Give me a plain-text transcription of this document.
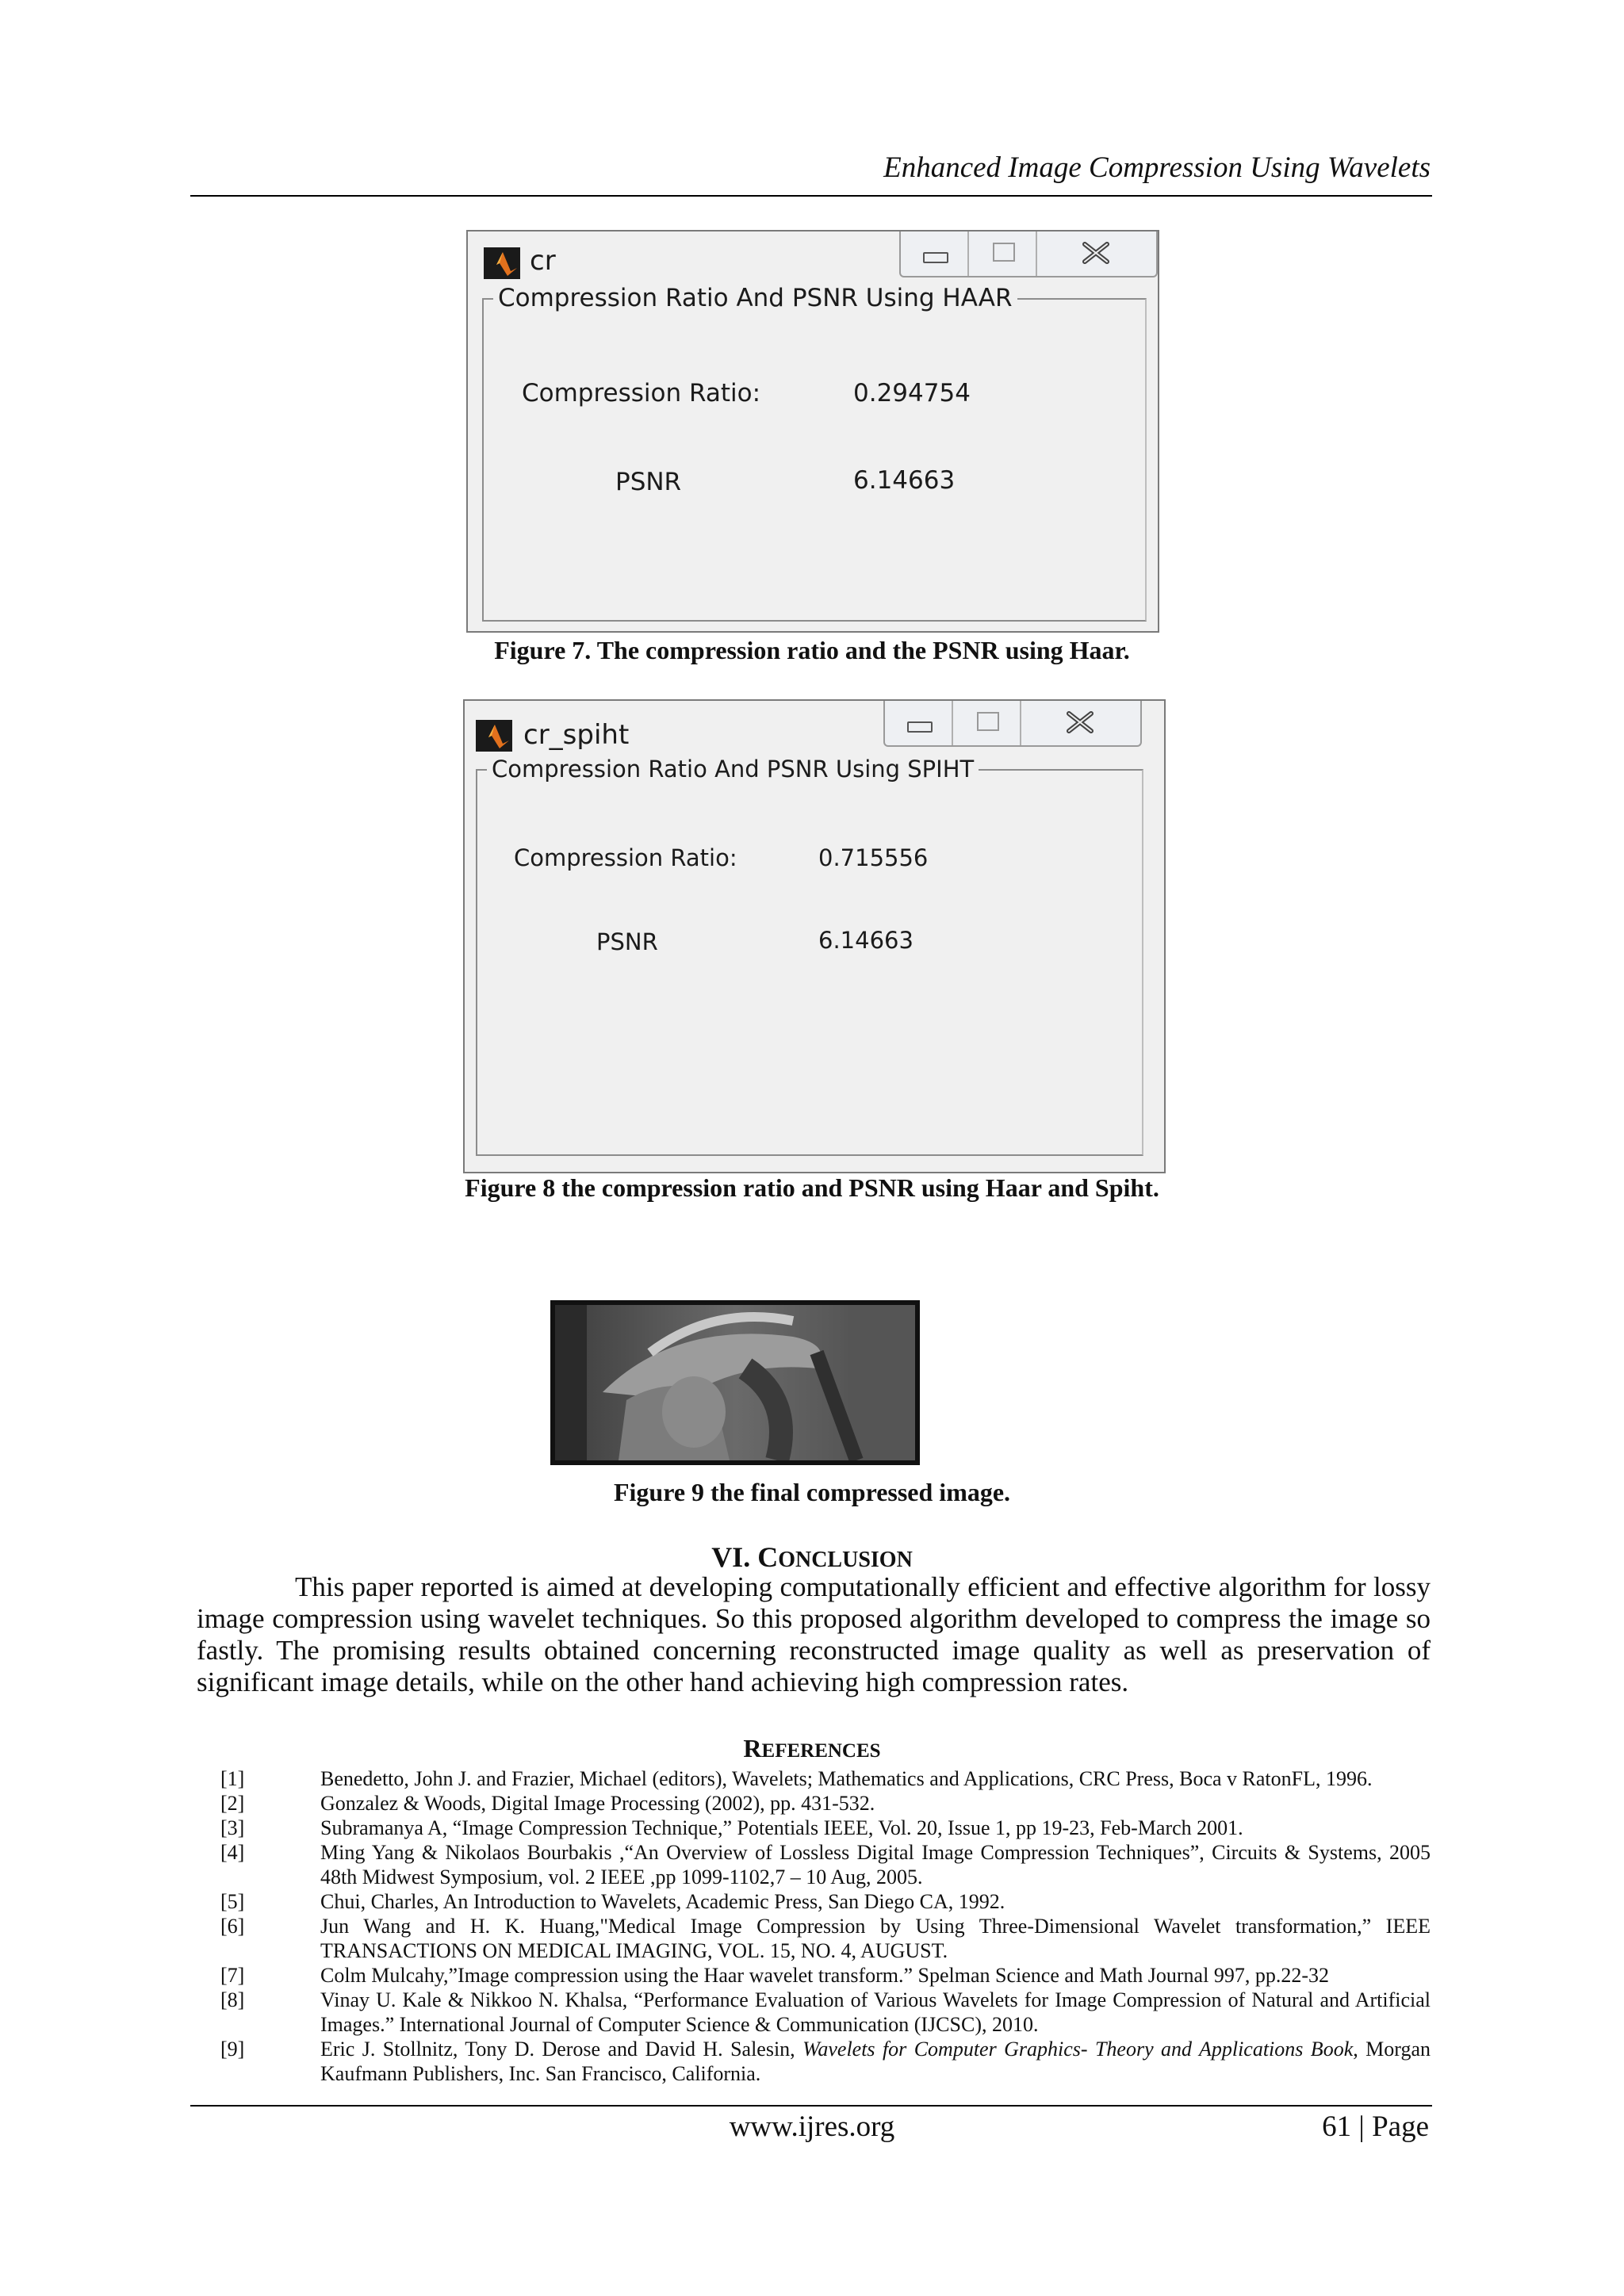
Enhanced Image Compression Using Wavelets
cr
Compression Ratio And PSNR Using HAAR
Compression Ratio:	0.294754
PSNR	6.14663
Figure 7. The compression ratio and the PSNR using Haar.
cr_spiht
Compression Ratio And PSNR Using SPIHT
Compression Ratio:	0.715556
PSNR	6.14663
Figure 8 the compression ratio and PSNR using Haar and Spiht.
Figure 9 the final compressed image.
VI. CONCLUSION

This paper reported is aimed at developing computationally efficient and effective algorithm for lossy image compression using wavelet techniques. So this proposed algorithm developed to compress the image so fastly. The promising results obtained concerning reconstructed image quality as well as preservation of significant image details, while on the other hand achieving high compression rates.

REFERENCES
[1]	Benedetto, John J. and Frazier, Michael (editors), Wavelets; Mathematics and Applications, CRC Press, Boca v RatonFL, 1996.
[2]	Gonzalez & Woods, Digital Image Processing (2002), pp. 431-532.
[3]	Subramanya A, “Image Compression Technique,” Potentials IEEE, Vol. 20, Issue 1, pp 19-23, Feb-March 2001.
[4]	Ming Yang & Nikolaos Bourbakis ,“An Overview of Lossless Digital Image Compression Techniques”, Circuits & Systems, 2005 48th Midwest Symposium, vol. 2 IEEE ,pp 1099-1102,7 – 10 Aug, 2005.
[5]	Chui, Charles, An Introduction to Wavelets, Academic Press, San Diego CA, 1992.
[6]	Jun Wang and H. K. Huang,"Medical Image Compression by Using Three-Dimensional Wavelet transformation,” IEEE TRANSACTIONS ON MEDICAL IMAGING, VOL. 15, NO. 4, AUGUST.
[7]	Colm Mulcahy,”Image compression using the Haar wavelet transform.” Spelman Science and Math Journal 997, pp.22-32
[8]	Vinay U. Kale & Nikkoo N. Khalsa, “Performance Evaluation of Various Wavelets for Image Compression of Natural and Artificial Images.” International Journal of Computer Science & Communication (IJCSC), 2010.
[9]	Eric J. Stollnitz, Tony D. Derose and David H. Salesin, Wavelets for Computer Graphics- Theory and Applications Book, Morgan Kaufmann Publishers, Inc. San Francisco, California.
www.ijres.org	61 | Page
